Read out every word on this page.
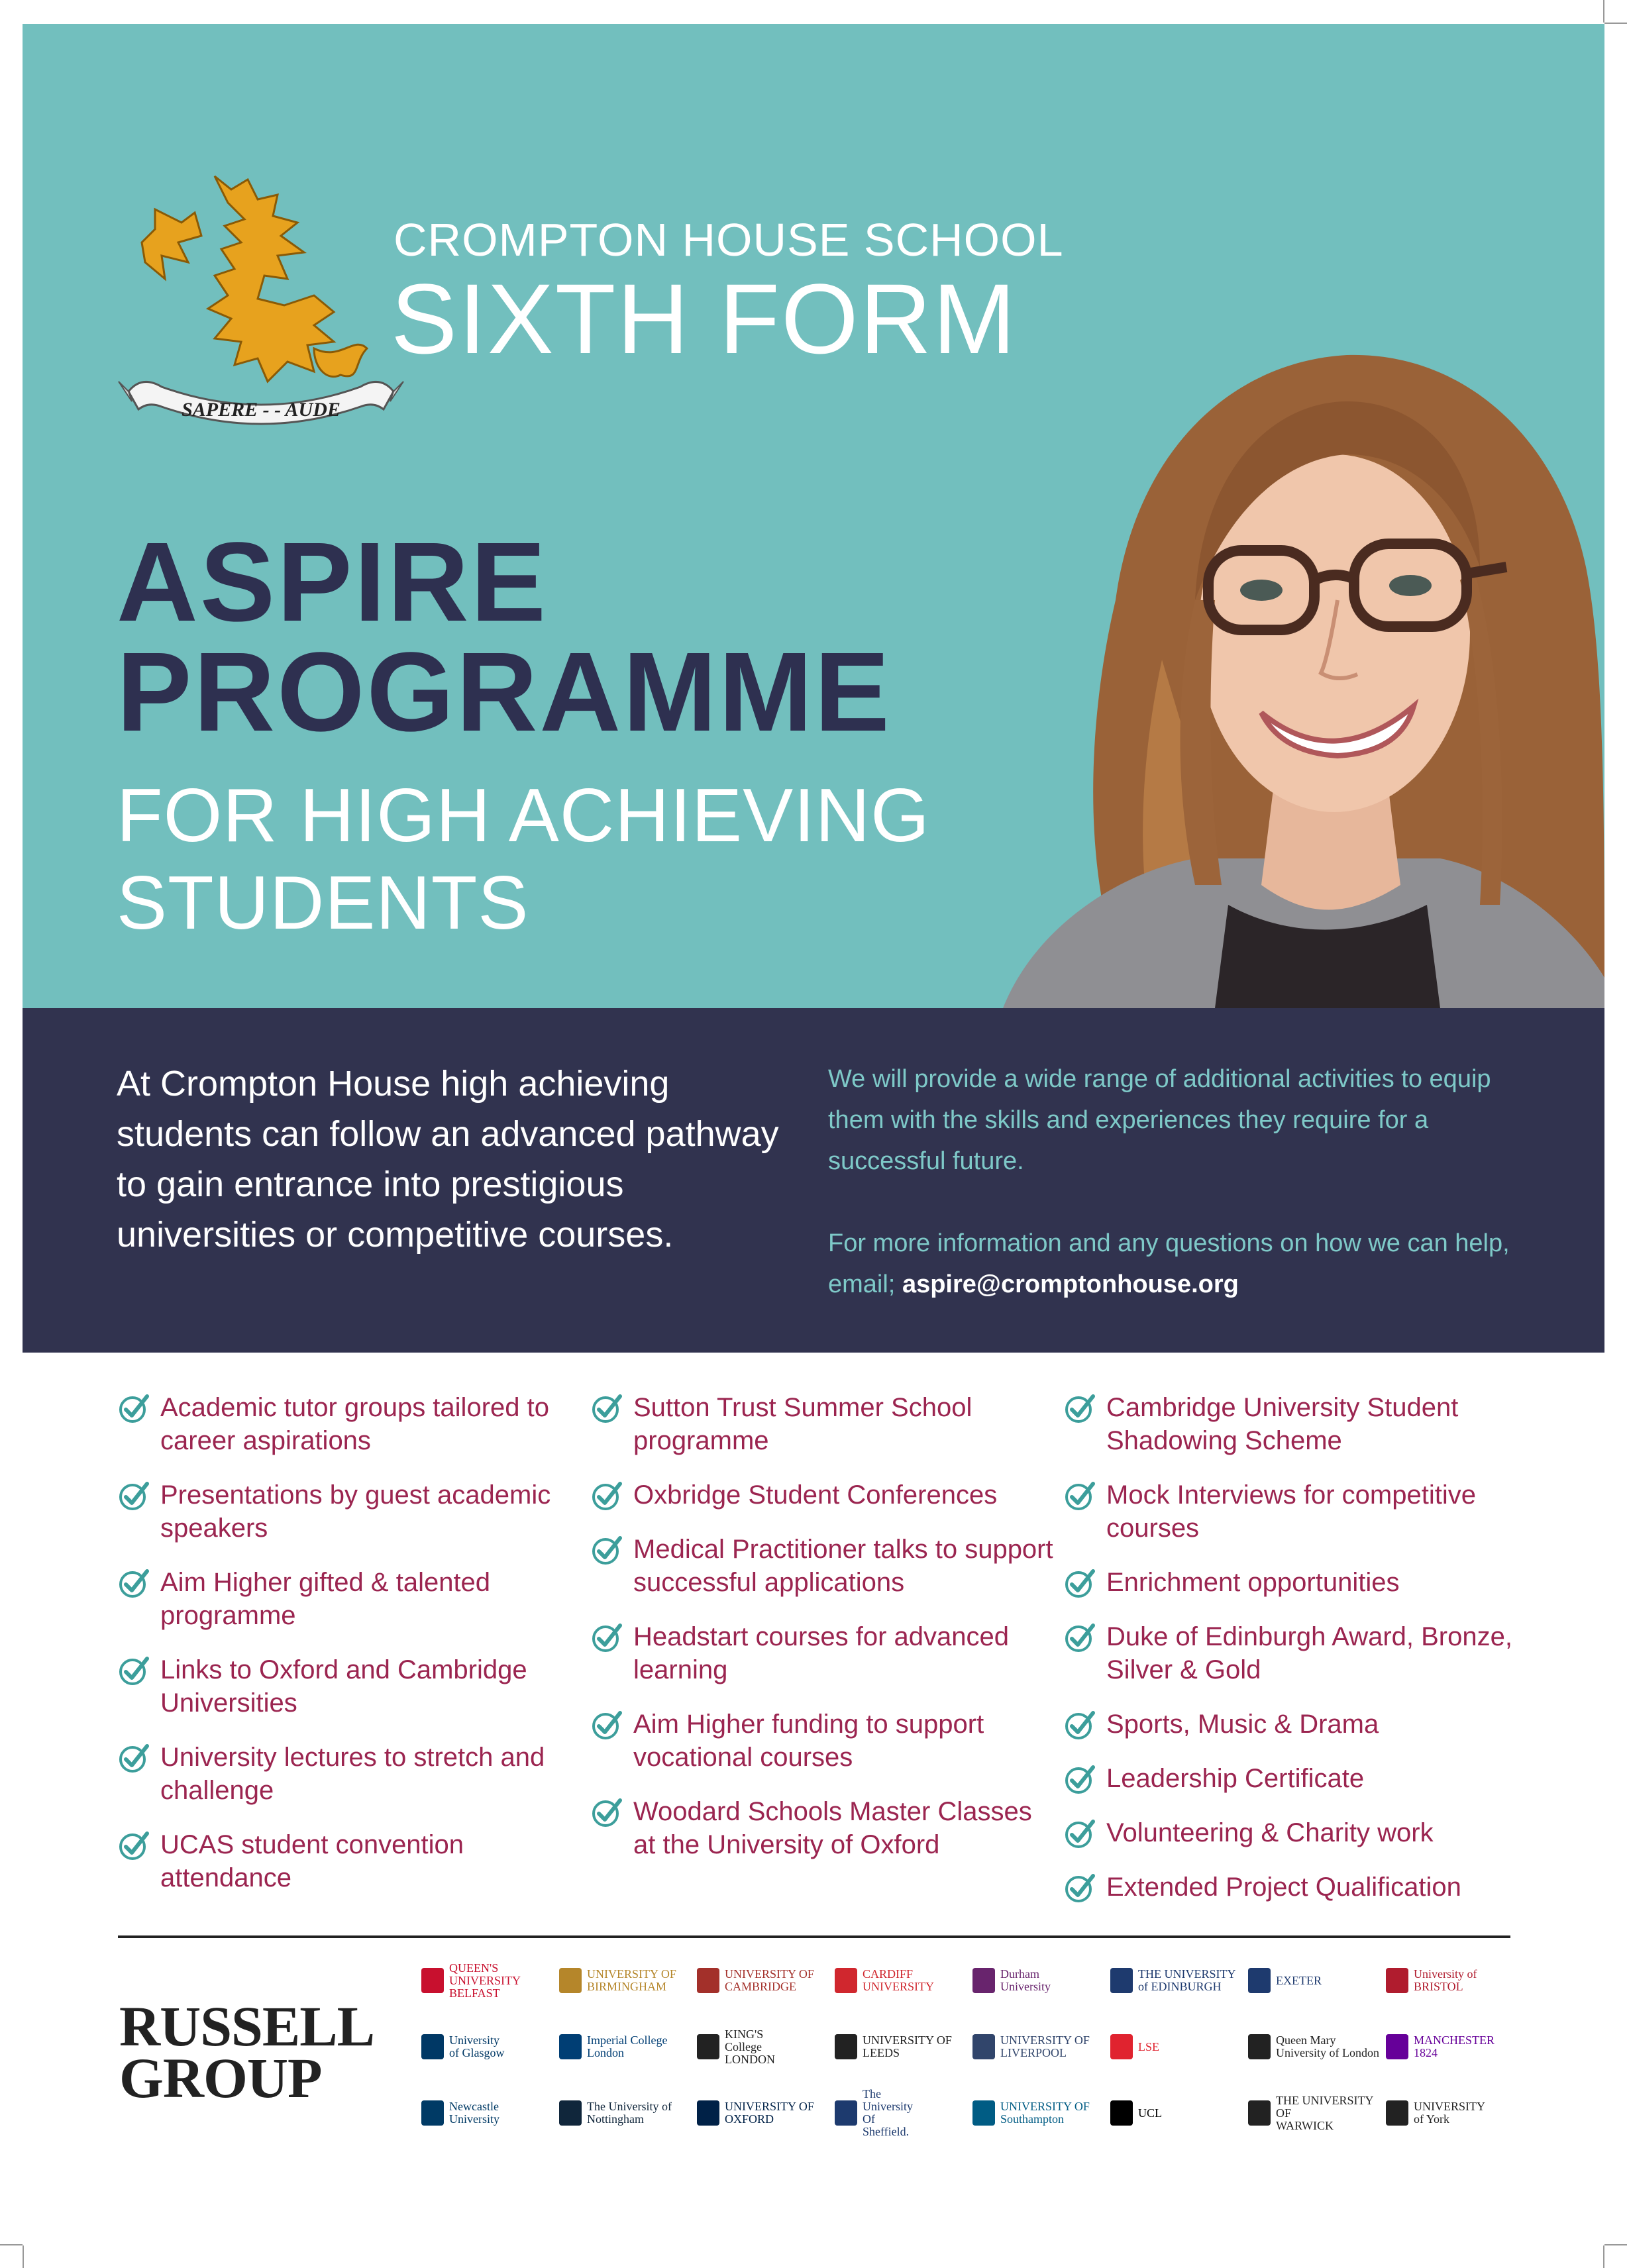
SAPERE - - AUDE
CROMPTON HOUSE SCHOOL
SIXTH FORM
ASPIRE
PROGRAMME
FOR HIGH ACHIEVING
STUDENTS

At Crompton House high achieving students can follow an advanced pathway to gain entrance into prestigious universities or competitive courses.

We will provide a wide range of additional activities to equip them with the skills and experiences they require for a successful future.

For more information and any questions on how we can help, email; aspire@cromptonhouse.org

Academic tutor groups tailored to career aspirations
Presentations by guest academic speakers
Aim Higher gifted & talented programme
Links to Oxford and Cambridge Universities
University lectures to stretch and challenge
UCAS student convention attendance
Sutton Trust Summer School programme
Oxbridge Student Conferences
Medical Practitioner talks to support successful applications
Headstart courses for advanced learning
Aim Higher funding to support vocational courses
Woodard Schools Master Classes at the University of Oxford
Cambridge University Student Shadowing Scheme
Mock Interviews for competitive courses
Enrichment opportunities
Duke of Edinburgh Award, Bronze, Silver & Gold
Sports, Music & Drama
Leadership Certificate
Volunteering & Charity work
Extended Project Qualification
RUSSELL
GROUP
QUEEN'S
UNIVERSITY
BELFAST
UNIVERSITY OF
BIRMINGHAM
UNIVERSITY OF
CAMBRIDGE
CARDIFF
UNIVERSITY
Durham
University
THE UNIVERSITY
of EDINBURGH	EXETER	University of
BRISTOL
University
of Glasgow
Imperial College
London
KING'S
College
LONDON
UNIVERSITY OF LEEDS
UNIVERSITY OF
LIVERPOOL	LSE	Queen Mary
University of London
MANCHESTER
1824
Newcastle
University
The University of
Nottingham
UNIVERSITY OF
OXFORD
The
University
Of
Sheffield.
UNIVERSITY OF
Southampton	UCL
THE UNIVERSITY OF
WARWICK
UNIVERSITY
of York
